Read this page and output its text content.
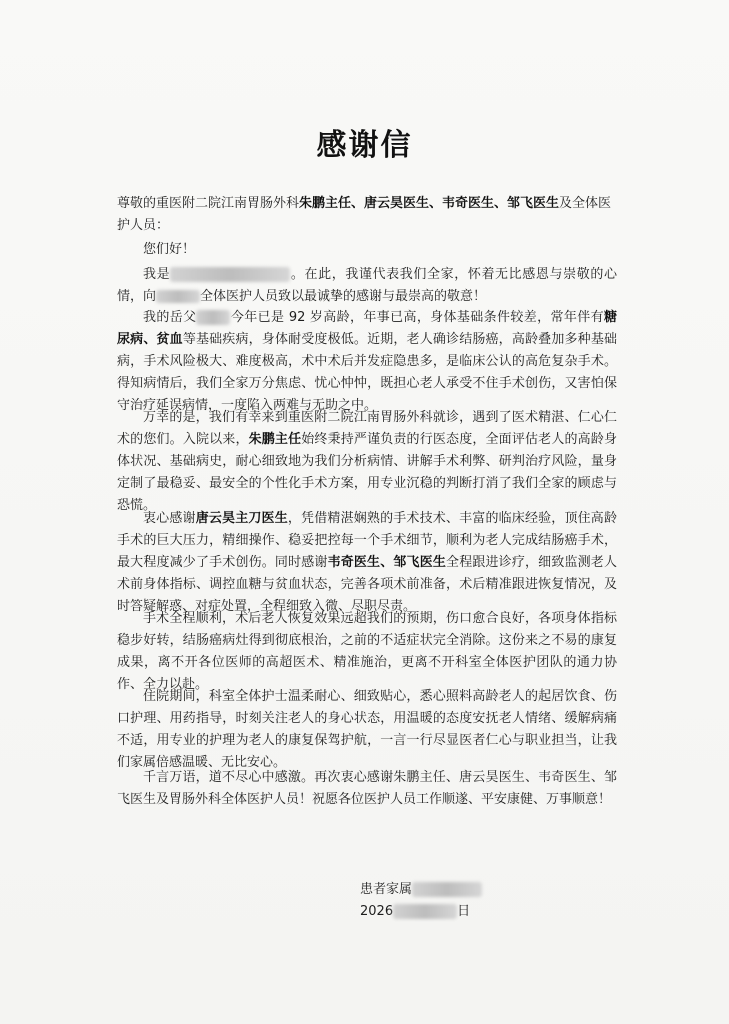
感谢信
尊敬的重医附二院江南胃肠外科朱鹏主任、唐云昊医生、韦奇医生、邹飞医生及全体医护人员：
您们好！
我是	。在此，我谨代表我们全家，怀着无比感恩与崇敬的心情，向	全体医护人员致以最诚挚的感谢与最崇高的敬意！
我的岳父	今年已是 92 岁高龄，年事已高，身体基础条件较差，常年伴有糖尿病、贫血等基础疾病，身体耐受度极低。近期，老人确诊结肠癌，高龄叠加多种基础病，手术风险极大、难度极高，术中术后并发症隐患多，是临床公认的高危复杂手术。得知病情后，我们全家万分焦虑、忧心忡忡，既担心老人承受不住手术创伤，又害怕保守治疗延误病情，一度陷入两难与无助之中。
万幸的是，我们有幸来到重医附二院江南胃肠外科就诊，遇到了医术精湛、仁心仁术的您们。入院以来，朱鹏主任始终秉持严谨负责的行医态度，全面评估老人的高龄身体状况、基础病史，耐心细致地为我们分析病情、讲解手术利弊、研判治疗风险，量身定制了最稳妥、最安全的个性化手术方案，用专业沉稳的判断打消了我们全家的顾虑与恐慌。
衷心感谢唐云昊主刀医生，凭借精湛娴熟的手术技术、丰富的临床经验，顶住高龄手术的巨大压力，精细操作、稳妥把控每一个手术细节，顺利为老人完成结肠癌手术，最大程度减少了手术创伤。同时感谢韦奇医生、邹飞医生全程跟进诊疗，细致监测老人术前身体指标、调控血糖与贫血状态，完善各项术前准备，术后精准跟进恢复情况，及时答疑解惑、对症处置，全程细致入微、尽职尽责。
手术全程顺利，术后老人恢复效果远超我们的预期，伤口愈合良好，各项身体指标稳步好转，结肠癌病灶得到彻底根治，之前的不适症状完全消除。这份来之不易的康复成果，离不开各位医师的高超医术、精准施治，更离不开科室全体医护团队的通力协作、全力以赴。
住院期间，科室全体护士温柔耐心、细致贴心，悉心照料高龄老人的起居饮食、伤口护理、用药指导，时刻关注老人的身心状态，用温暖的态度安抚老人情绪、缓解病痛不适，用专业的护理为老人的康复保驾护航，一言一行尽显医者仁心与职业担当，让我们家属倍感温暖、无比安心。
千言万语，道不尽心中感激。再次衷心感谢朱鹏主任、唐云昊医生、韦奇医生、邹飞医生及胃肠外科全体医护人员！祝愿各位医护人员工作顺遂、平安康健、万事顺意！
患者家属
2026	日
